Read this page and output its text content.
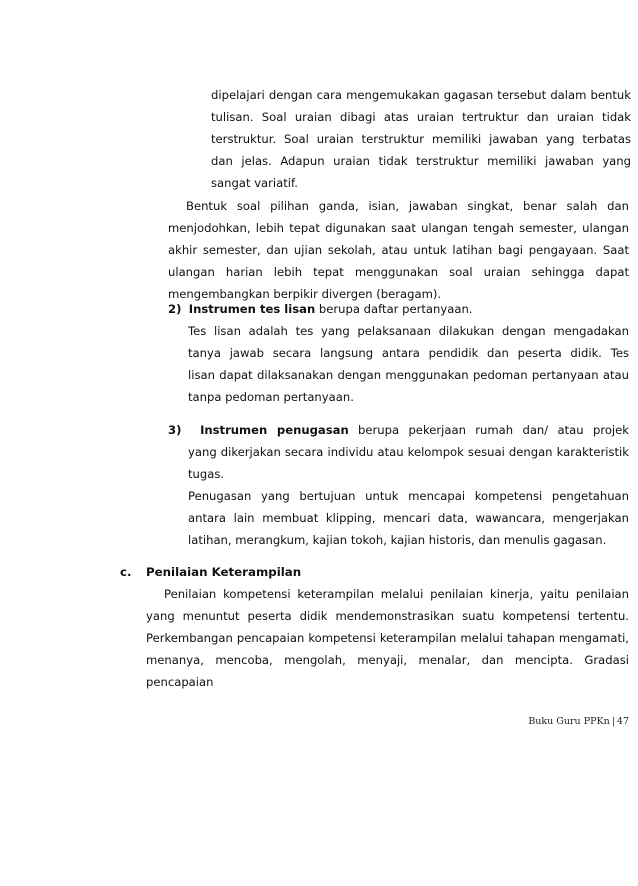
dipelajari dengan cara mengemukakan gagasan tersebut dalam bentuk
tulisan. Soal uraian dibagi atas uraian tertruktur dan uraian tidak
terstruktur. Soal uraian terstruktur memiliki jawaban yang terbatas
dan jelas. Adapun uraian tidak terstruktur memiliki jawaban yang
sangat variatif.
Bentuk soal pilihan ganda, isian, jawaban singkat, benar salah dan
menjodohkan, lebih tepat digunakan saat ulangan tengah semester, ulangan
akhir semester, dan ujian sekolah, atau untuk latihan bagi pengayaan. Saat
ulangan harian lebih tepat menggunakan soal uraian sehingga dapat
mengembangkan berpikir divergen (beragam).
2) Instrumen tes lisan berupa daftar pertanyaan.
Tes lisan adalah tes yang pelaksanaan dilakukan dengan mengadakan
tanya jawab secara langsung antara pendidik dan peserta didik. Tes
lisan dapat dilaksanakan dengan menggunakan pedoman pertanyaan atau
tanpa pedoman pertanyaan.
3) Instrumen penugasan berupa pekerjaan rumah dan/ atau projek
yang dikerjakan secara individu atau kelompok sesuai dengan karakteristik
tugas.
Penugasan yang bertujuan untuk mencapai kompetensi pengetahuan
antara lain membuat klipping, mencari data, wawancara, mengerjakan
latihan, merangkum, kajian tokoh, kajian historis, dan menulis gagasan.
c. Penilaian Keterampilan
Penilaian kompetensi keterampilan melalui penilaian kinerja, yaitu penilaian
yang menuntut peserta didik mendemonstrasikan suatu kompetensi tertentu.
Perkembangan pencapaian kompetensi keterampilan melalui tahapan mengamati,
menanya, mencoba, mengolah, menyaji, menalar, dan mencipta. Gradasi
pencapaian
Buku Guru PPKn | 47
